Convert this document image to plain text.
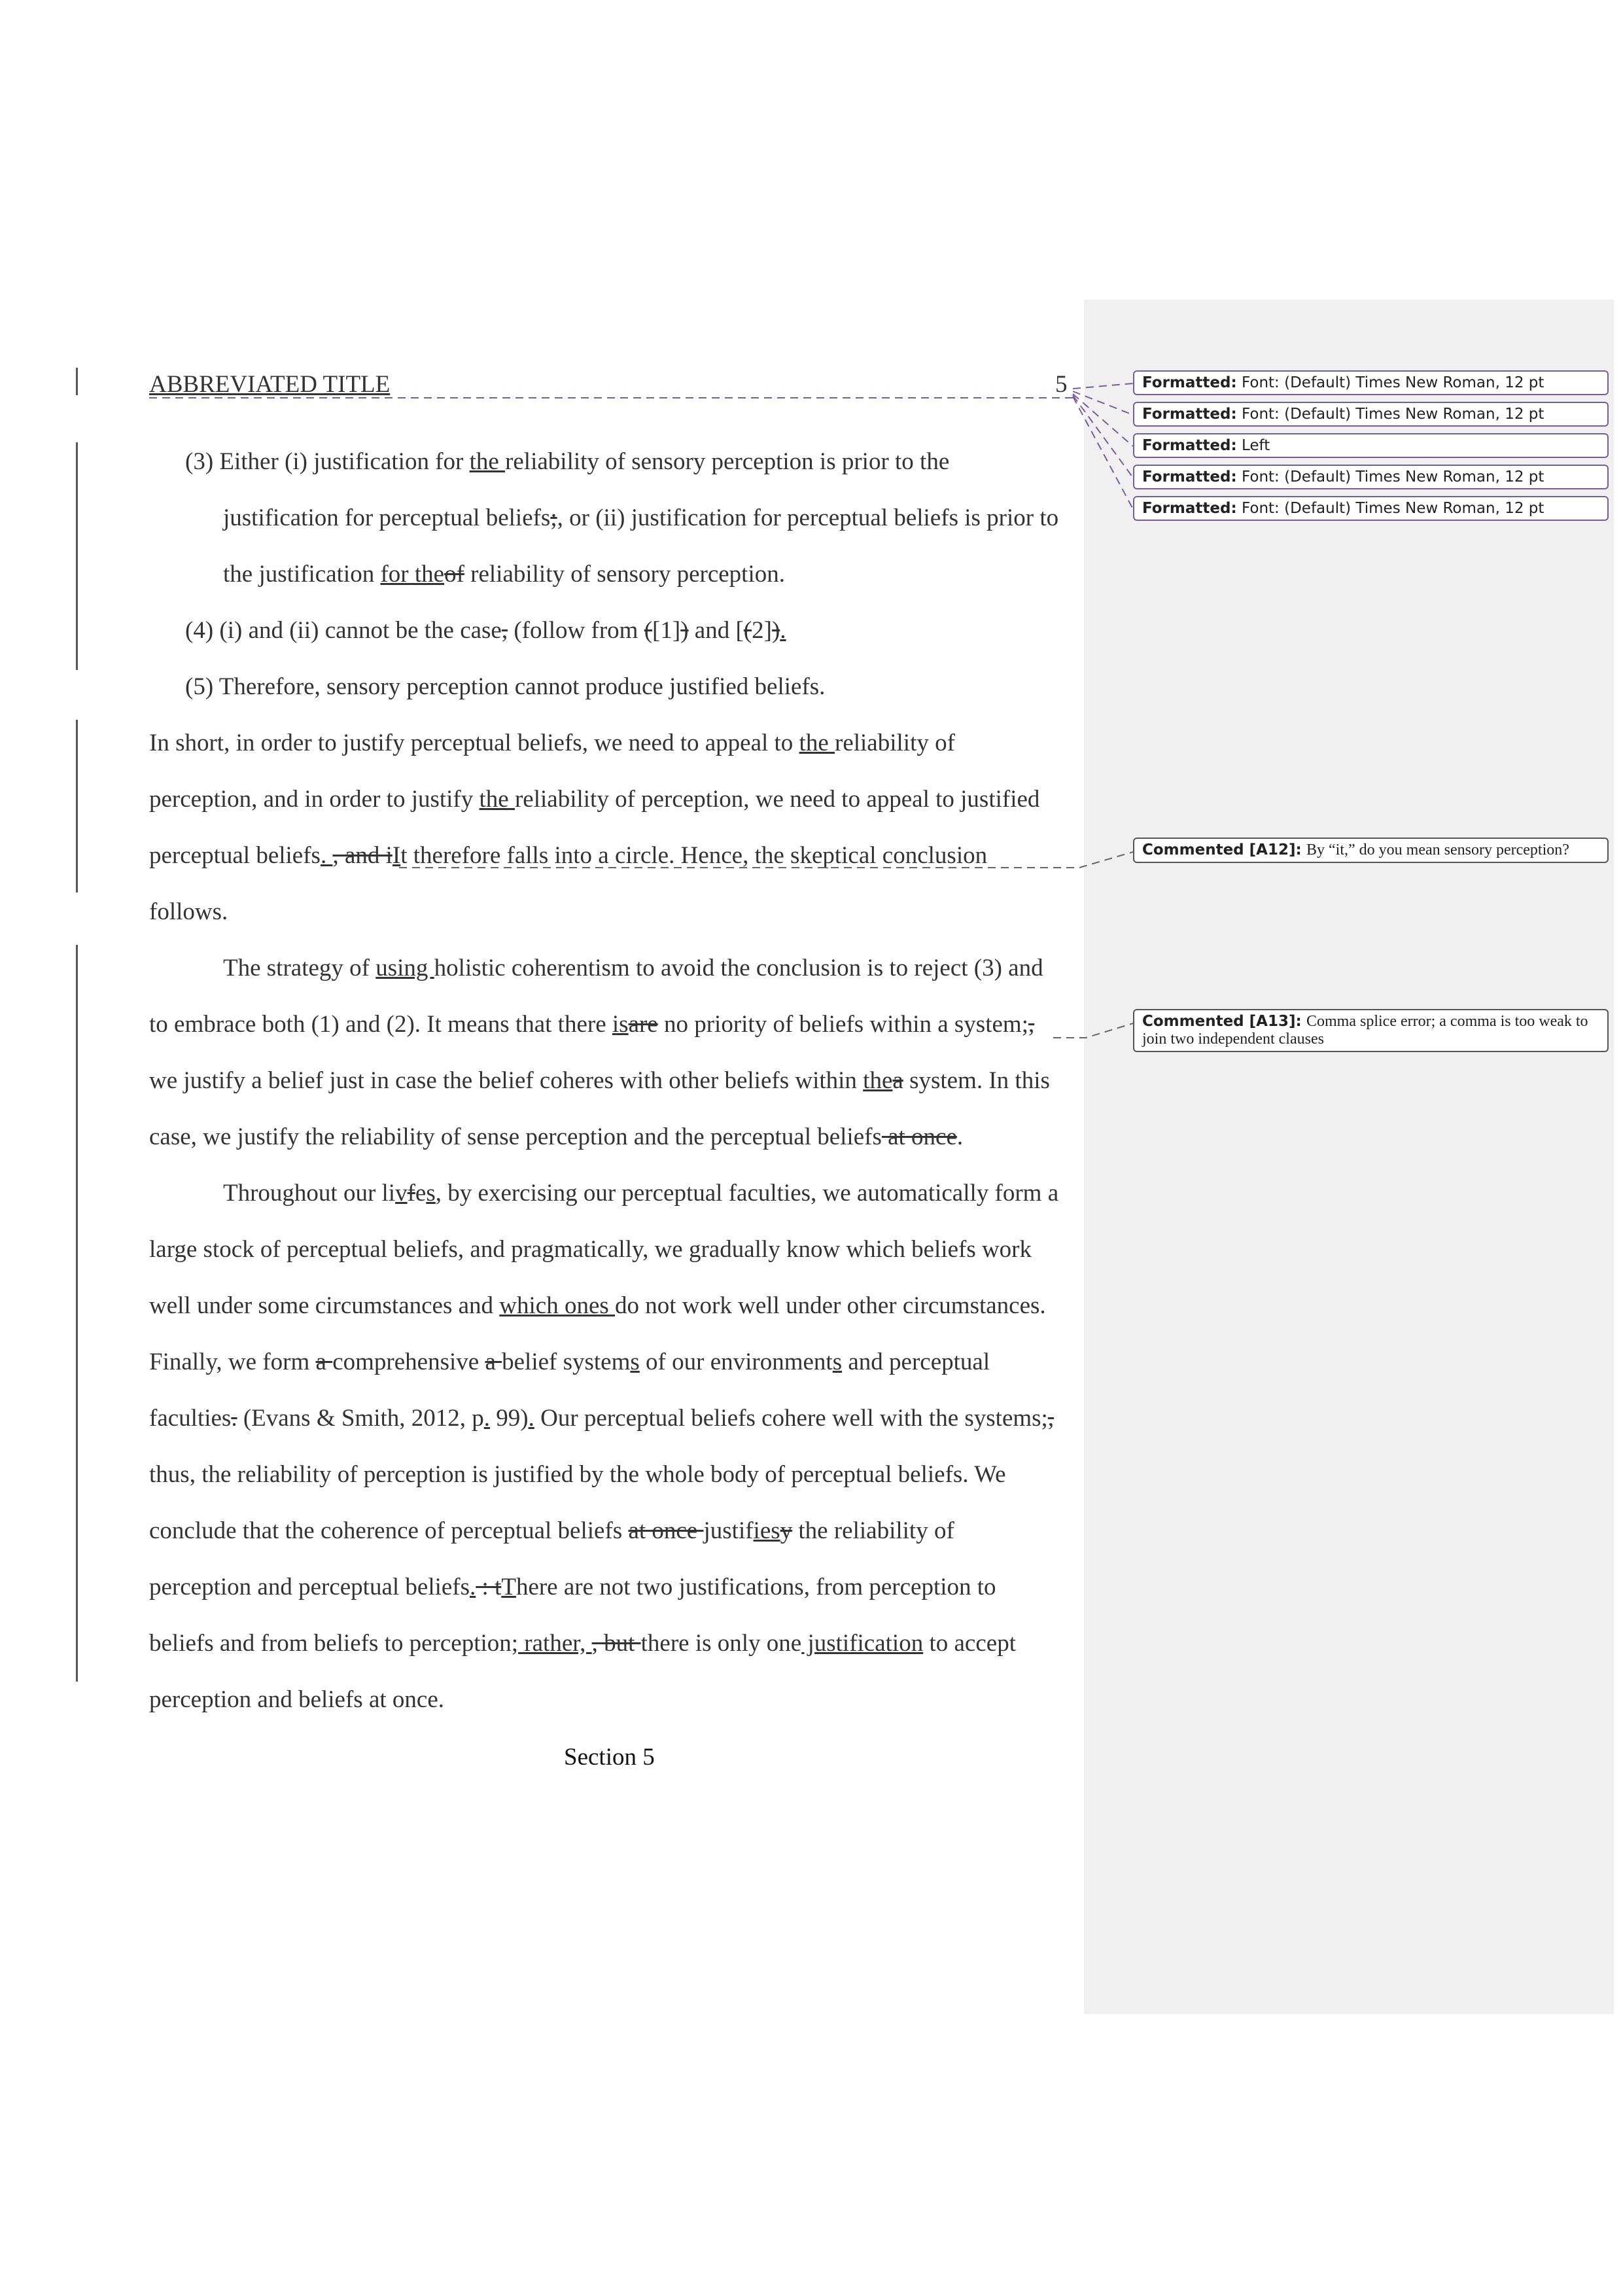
ABBREVIATED TITLE	5
(3) Either (i) justification for the reliability of sensory perception is prior to the
justification for perceptual beliefs;, or (ii) justification for perceptual beliefs is prior to
the justification for theof reliability of sensory perception.
(4) (i) and (ii) cannot be the case, (follow from ([1]) and [(2]).
(5) Therefore, sensory perception cannot produce justified beliefs.
In short, in order to justify perceptual beliefs, we need to appeal to the reliability of
perception, and in order to justify the reliability of perception, we need to appeal to justified
perceptual beliefs. , and iIt therefore falls into a circle. Hence, the skeptical conclusion
follows.
The strategy of using holistic coherentism to avoid the conclusion is to reject (3) and
to embrace both (1) and (2). It means that there isare no priority of beliefs within a system;,
we justify a belief just in case the belief coheres with other beliefs within thea system. In this
case, we justify the reliability of sense perception and the perceptual beliefs at once.
Throughout our livfes, by exercising our perceptual faculties, we automatically form a
large stock of perceptual beliefs, and pragmatically, we gradually know which beliefs work
well under some circumstances and which ones do not work well under other circumstances.
Finally, we form a comprehensive a belief systems of our environments and perceptual
faculties. (Evans & Smith, 2012, p. 99). Our perceptual beliefs cohere well with the systems;,
thus, the reliability of perception is justified by the whole body of perceptual beliefs. We
conclude that the coherence of perceptual beliefs at once justifiesy the reliability of
perception and perceptual beliefs. : tThere are not two justifications, from perception to
beliefs and from beliefs to perception; rather, , but there is only one justification to accept
perception and beliefs at once.
Section 5
Formatted: Font: (Default) Times New Roman, 12 pt
Formatted: Font: (Default) Times New Roman, 12 pt
Formatted: Left
Formatted: Font: (Default) Times New Roman, 12 pt
Formatted: Font: (Default) Times New Roman, 12 pt
Commented [A12]: By “it,” do you mean sensory perception?
Commented [A13]: Comma splice error; a comma is too weak to join two independent clauses
